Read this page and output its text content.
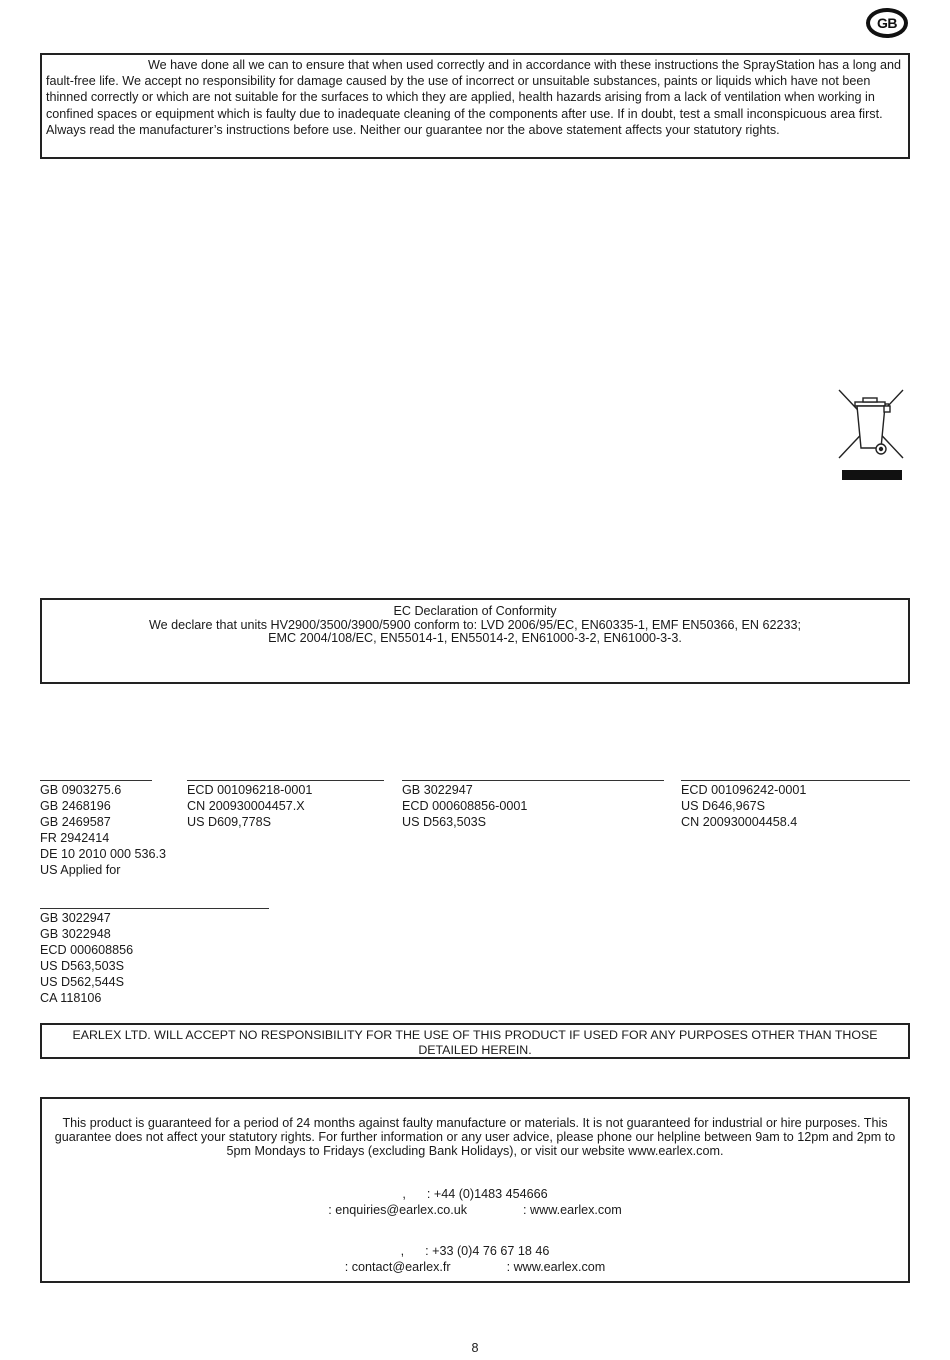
GB
We have done all we can to ensure that when used correctly and in accordance with these instructions the SprayStation has a long and fault-free life. We accept no responsibility for damage caused by the use of incorrect or unsuitable substances, paints or liquids which have not been thinned correctly or which are not suitable for the surfaces to which they are applied, health hazards arising from a lack of ventilation when working in confined spaces or equipment which is faulty due to inadequate cleaning of the components after use. If in doubt, test a small inconspicuous area first. Always read the manufacturer’s instructions before use. Neither our guarantee nor the above statement affects your statutory rights.
EC Declaration of Conformity
We declare that units HV2900/3500/3900/5900 conform to: LVD 2006/95/EC, EN60335-1, EMF EN50366, EN 62233;
EMC 2004/108/EC, EN55014-1, EN55014-2, EN61000-3-2, EN61000-3-3.
GB 0903275.6
GB 2468196
GB 2469587
FR 2942414
DE 10 2010 000 536.3
US Applied for
ECD 001096218-0001
CN 200930004457.X
US D609,778S
GB 3022947
ECD 000608856-0001
US D563,503S
ECD 001096242-0001
US D646,967S
CN 200930004458.4
GB 3022947
GB 3022948
ECD 000608856
US D563,503S
US D562,544S
CA 118106
EARLEX LTD. WILL ACCEPT NO RESPONSIBILITY FOR THE USE OF THIS PRODUCT IF USED FOR ANY PURPOSES OTHER THAN THOSE
DETAILED HEREIN.
This product is guaranteed for a period of 24 months against faulty manufacture or materials. It is not guaranteed for industrial or hire purposes. This guarantee does not affect your statutory rights. For further information or any user advice, please phone our helpline between 9am to 12pm and 2pm to 5pm Mondays to Fridays (excluding Bank Holidays), or visit our website www.earlex.com.
,      : +44 (0)1483 454666
: enquiries@earlex.co.uk                : www.earlex.com
,      : +33 (0)4 76 67 18 46
: contact@earlex.fr                : www.earlex.com
8
